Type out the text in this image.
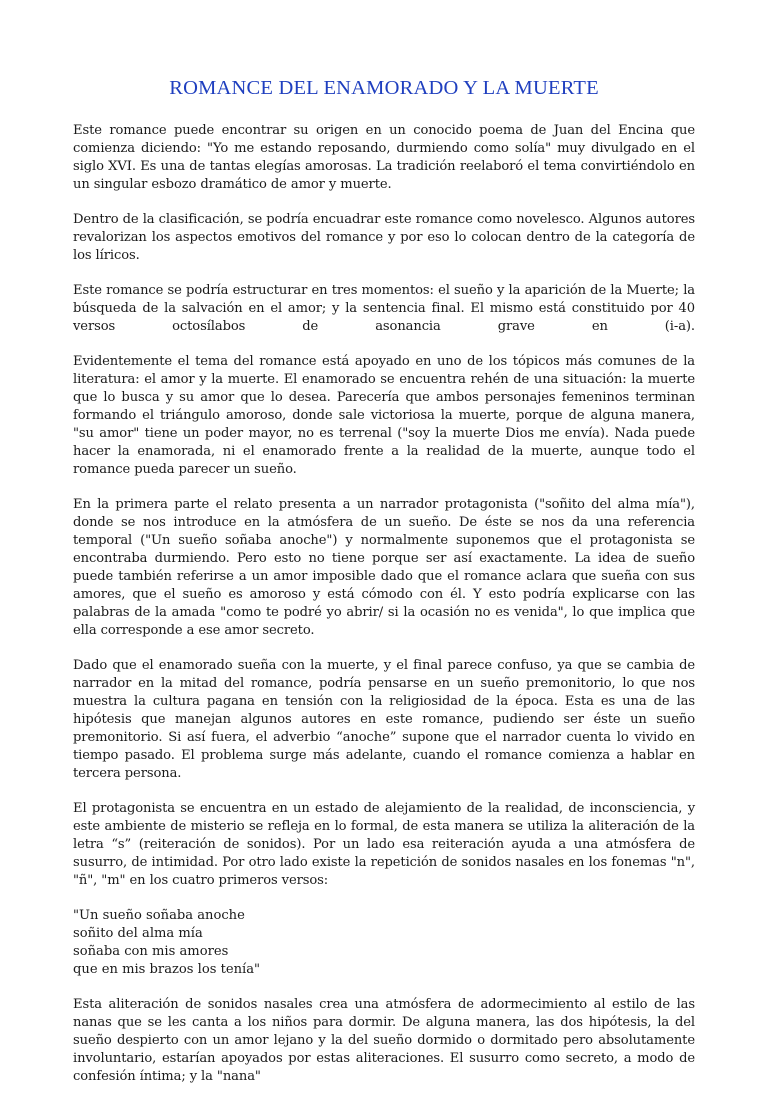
ROMANCE DEL ENAMORADO Y LA MUERTE

Este romance puede encontrar su origen en un conocido poema de Juan del Encina que comienza diciendo: "Yo me estando reposando, durmiendo como solía" muy divulgado en el siglo XVI. Es una de tantas elegías amorosas. La tradición reelaboró el tema convirtiéndolo en un singular esbozo dramático de amor y muerte.

Dentro de la clasificación, se podría encuadrar este romance como novelesco. Algunos autores revalorizan los aspectos emotivos del romance y por eso lo colocan dentro de la categoría de los líricos.

Este romance se podría estructurar en tres momentos: el sueño y la aparición de la Muerte; la búsqueda de la salvación en el amor; y la sentencia final. El mismo está constituido por 40 versos octosílabos de asonancia grave en (i-a).

Evidentemente el tema del romance está apoyado en uno de los tópicos más comunes de la literatura: el amor y la muerte. El enamorado se encuentra rehén de una situación: la muerte que lo busca y su amor que lo desea. Parecería que ambos personajes femeninos terminan formando el triángulo amoroso, donde sale victoriosa la muerte, porque de alguna manera, "su amor" tiene un poder mayor, no es terrenal ("soy la muerte Dios me envía). Nada puede hacer la enamorada, ni el enamorado frente a la realidad de la muerte, aunque todo el romance pueda parecer un sueño.

En la primera parte el relato presenta a un narrador protagonista ("soñito del alma mía"), donde se nos introduce en la atmósfera de un sueño. De éste se nos da una referencia temporal ("Un sueño soñaba anoche") y normalmente suponemos que el protagonista se encontraba durmiendo. Pero esto no tiene porque ser así exactamente. La idea de sueño puede también referirse a un amor imposible dado que el romance aclara que sueña con sus amores, que el sueño es amoroso y está cómodo con él. Y esto podría explicarse con las palabras de la amada "como te podré yo abrir/ si la ocasión no es venida", lo que implica que ella corresponde a ese amor secreto.

Dado que el enamorado sueña con la muerte, y el final parece confuso, ya que se cambia de narrador en la mitad del romance, podría pensarse en un sueño premonitorio, lo que nos muestra la cultura pagana en tensión con la religiosidad de la época. Esta es una de las hipótesis que manejan algunos autores en este romance, pudiendo ser éste un sueño premonitorio. Si así fuera, el adverbio “anoche” supone que el narrador cuenta lo vivido en tiempo pasado. El problema surge más adelante, cuando el romance comienza a hablar en tercera persona.

El protagonista se encuentra en un estado de alejamiento de la realidad, de inconsciencia, y este ambiente de misterio se refleja en lo formal, de esta manera se utiliza la aliteración de la letra “s” (reiteración de sonidos). Por un lado esa reiteración ayuda a una atmósfera de susurro, de intimidad. Por otro lado existe la repetición de sonidos nasales en los fonemas "n", "ñ", "m" en los cuatro primeros versos:

"Un sueño soñaba anoche
soñito del alma mía
soñaba con mis amores
que en mis brazos los tenía"

Esta aliteración de sonidos nasales crea una atmósfera de adormecimiento al estilo de las nanas que se les canta a los niños para dormir. De alguna manera, las dos hipótesis, la del sueño despierto con un amor lejano y la del sueño dormido o dormitado pero absolutamente involuntario, estarían apoyados por estas aliteraciones. El susurro como secreto, a modo de confesión íntima; y la "nana"
